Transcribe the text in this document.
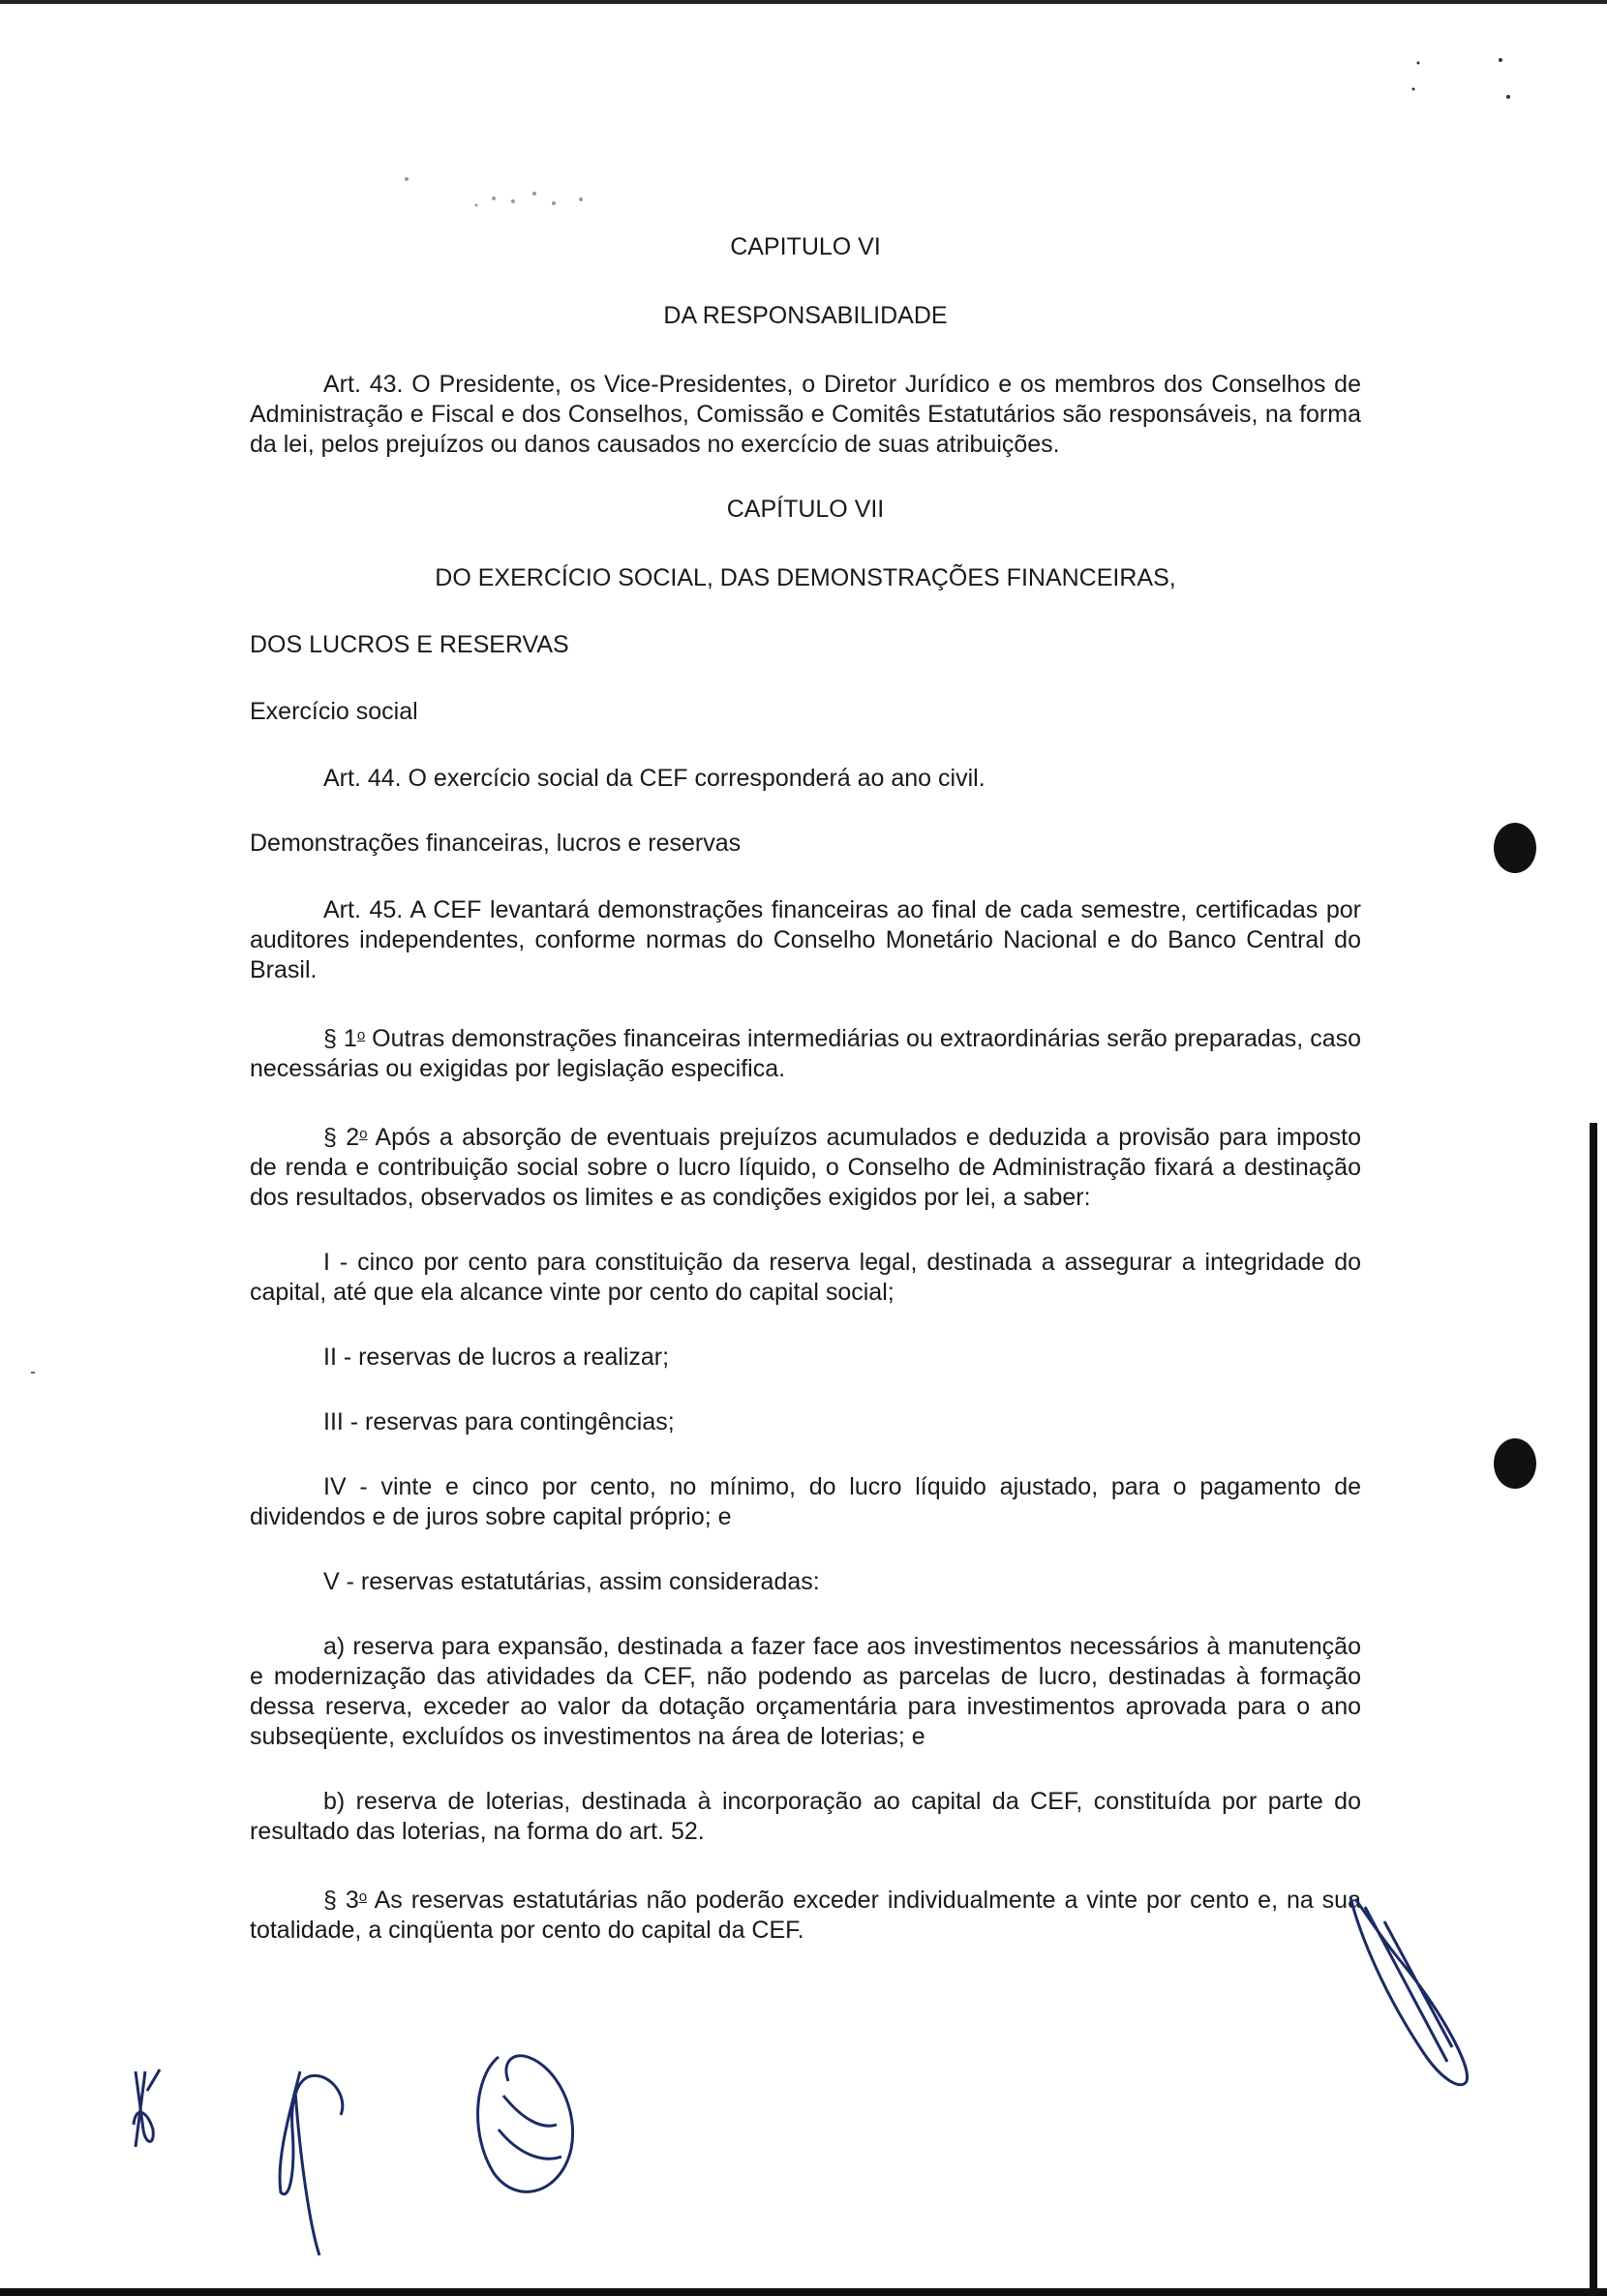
CAPITULO VI

DA RESPONSABILIDADE

Art. 43. O Presidente, os Vice-Presidentes, o Diretor Jurídico e os membros dos Conselhos de Administração e Fiscal e dos Conselhos, Comissão e Comitês Estatutários são responsáveis, na forma da lei, pelos prejuízos ou danos causados no exercício de suas atribuições.

CAPÍTULO VII

DO EXERCÍCIO SOCIAL, DAS DEMONSTRAÇÕES FINANCEIRAS,

DOS LUCROS E RESERVAS

Exercício social

Art. 44. O exercício social da CEF corresponderá ao ano civil.

Demonstrações financeiras, lucros e reservas

Art. 45. A CEF levantará demonstrações financeiras ao final de cada semestre, certificadas por auditores independentes, conforme normas do Conselho Monetário Nacional e do Banco Central do Brasil.

§ 1$^o$ Outras demonstrações financeiras intermediárias ou extraordinárias serão preparadas, caso necessárias ou exigidas por legislação especifica.

§ 2$^o$ Após a absorção de eventuais prejuízos acumulados e deduzida a provisão para imposto de renda e contribuição social sobre o lucro líquido, o Conselho de Administração fixará a destinação dos resultados, observados os limites e as condições exigidos por lei, a saber:

I - cinco por cento para constituição da reserva legal, destinada a assegurar a integridade do capital, até que ela alcance vinte por cento do capital social;

II - reservas de lucros a realizar;

III - reservas para contingências;

IV - vinte e cinco por cento, no mínimo, do lucro líquido ajustado, para o pagamento de dividendos e de juros sobre capital próprio; e

V - reservas estatutárias, assim consideradas:

a) reserva para expansão, destinada a fazer face aos investimentos necessários à manutenção e modernização das atividades da CEF, não podendo as parcelas de lucro, destinadas à formação dessa reserva, exceder ao valor da dotação orçamentária para investimentos aprovada para o ano subseqüente, excluídos os investimentos na área de loterias; e

b) reserva de loterias, destinada à incorporação ao capital da CEF, constituída por parte do resultado das loterias, na forma do art. 52.

§ 3$^o$ As reservas estatutárias não poderão exceder individualmente a vinte por cento e, na sua totalidade, a cinqüenta por cento do capital da CEF.
